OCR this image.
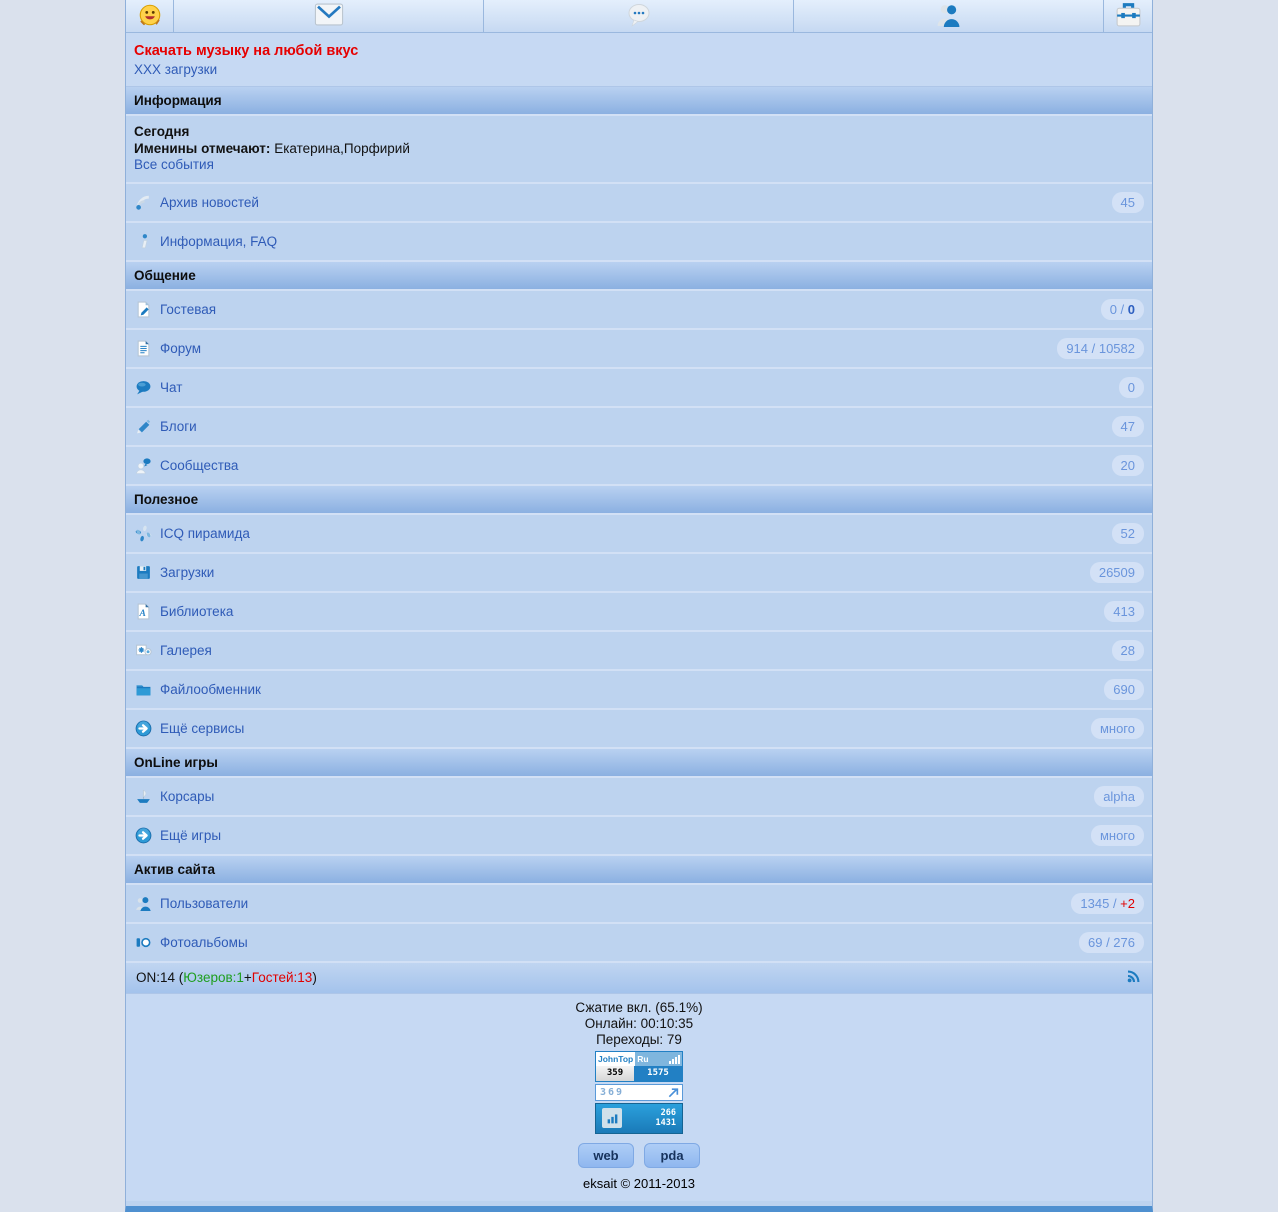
Скачать музыку на любой вкус
XXX загрузки
Информация
Сегодня
Именины отмечают: Екатерина,Порфирий
Все события
Архив новостей	45
Информация, FAQ
Общение
Гостевая	0 / 0
Форум	914 / 10582
Чат	0
Блоги	47
Сообщества	20
Полезное
ICQ пирамида	52
Загрузки	26509
А Библиотека	413
Галерея	28
Файлообменник	690
Ещё сервисы	много
OnLine игры
Корсары	alpha
Ещё игры	много
Актив сайта
Пользователи	1345 / +2
Фотоальбомы	69 / 276
ON:14 (Юзеров:1+Гостей:13)
Сжатие вкл. (65.1%)
Онлайн: 00:10:35
Переходы: 79
JohnTop Ru
359	1575
369
266
1431
web	pda
eksait © 2011-2013
